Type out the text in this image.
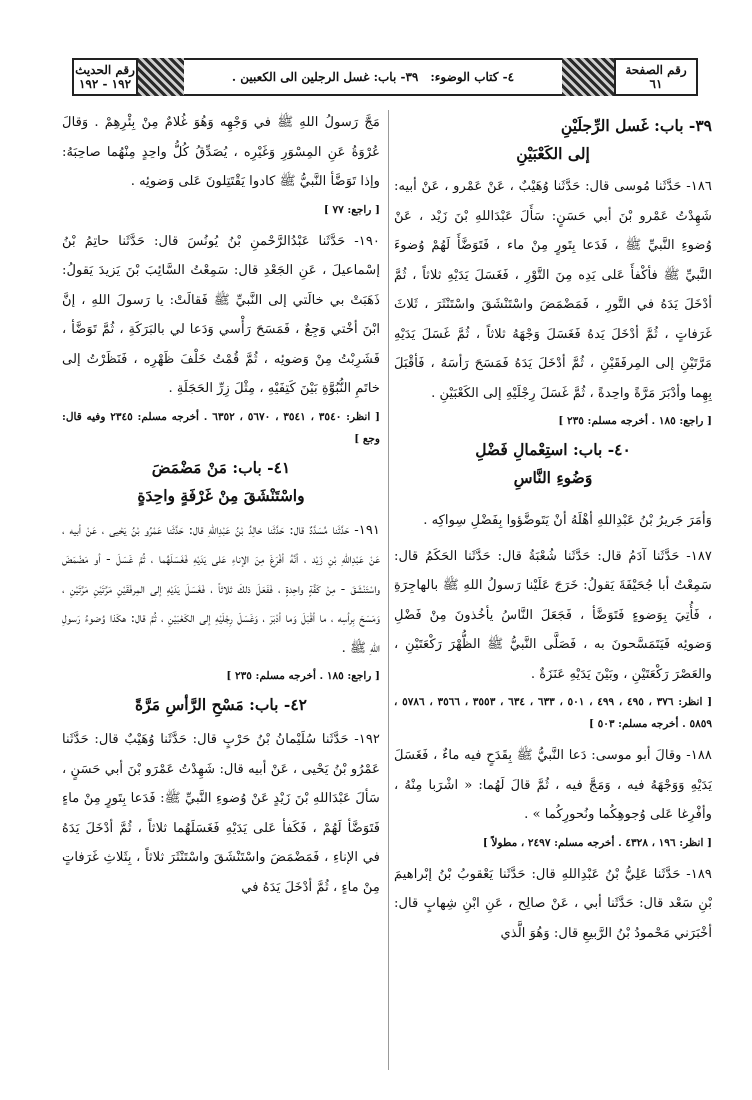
رقم الحديث
١٩٢ - ١٩٢	٤- كتاب الوضوء:
٣٩- باب: غسل الرجلين الى الكعبين .	رقم الصفحة
٦١
٣٩- باب: غَسل الرِّجلَيْنِ
إلى الكَعْبَيْنِ

١٨٦- حَدَّثَنا مُوسى قال: حَدَّثَنا وُهَيْبٌ ، عَنْ عَمْرو ، عَنْ أبيه: شَهِدْتُ عَمْرو بْنَ أبي حَسَنٍ: سَأَلَ عَبْدَاللهِ بْنَ زَيْد ، عَنْ وُضوءِ النَّبيِّ ﷺ ، فَدَعا بِتَورٍ مِنْ ماء ، فَتَوَضَّأَ لَهُمْ وُضوءَ النَّبيِّ ﷺ فأكْفأَ عَلى يَدِه مِنَ التَّوْرِ ، فَغَسَلَ يَدَيْهِ ثلاثاً ، ثُمَّ أدْخَلَ يَدَهُ في التَّورِ ، فَمَضْمَضَ واسْتَنْشَقَ واسْتَنْثَرَ ، ثَلاثَ غَرَفاتٍ ، ثُمَّ أدْخَلَ يَدهُ فَغَسَلَ وَجْهَهُ ثلاثاً ، ثُمَّ غَسَلَ يَدَيْهِ مَرَّتَيْنِ إلى المِرفَقَيْنِ ، ثُمَّ أدْخَلَ يَدَهُ فَمَسَحَ رَأسَهُ ، فَأقْبَلَ بِهِما وأدْبَرَ مَرَّةً واحِدةً ، ثُمَّ غَسَلَ رِجْلَيْهِ إلى الكَعْبَيْنِ .

[ راجع: ١٨٥ . أخرجه مسلم: ٢٣٥ ]

٤٠- باب: استِعْمالِ فَضْلِ
وَضُوءِ النَّاسِ

وَأمَرَ جَريرُ بْنُ عَبْدِاللهِ أهْلَهُ أنْ يَتَوضَّؤوا بِفَضْلِ سِواكِه .

١٨٧- حَدَّثَنا آدَمُ قال: حَدَّثَنا شُعْبَةُ قال: حَدَّثَنا الحَكَمُ قال: سَمِعْتُ أبا جُحَيْفَةَ يَقولُ: خَرَجَ عَلَيْنا رَسولُ اللهِ ﷺ بالهاجِرَةِ ، فَأُتِيَ بِوَضوءٍ فَتَوَضَّأ ، فَجَعَلَ النَّاسُ يأخُذونَ مِنْ فَضْلِ وَضوئِه فَيَتَمَسَّحونَ به ، فَصَلَّى النَّبيُّ ﷺ الظُّهْرَ رَكْعَتَيْنِ ، والعَصْرَ رَكْعَتَيْنِ ، وبَيْنَ يَدَيْهِ عَنَزَةٌ .

[ انظر: ٣٧٦ ، ٤٩٥ ، ٤٩٩ ، ٥٠١ ، ٦٣٣ ، ٦٣٤ ، ٣٥٥٣ ، ٣٥٦٦ ، ٥٧٨٦ ، ٥٨٥٩ . أخرجه مسلم: ٥٠٣ ]

١٨٨- وقالَ أبو موسى: دَعا النَّبيُّ ﷺ بِقَدَحٍ فيه ماءٌ ، فَغَسَلَ يَدَيْهِ وَوَجْهَهُ فيه ، وَمَجَّ فيه ، ثُمَّ قالَ لَهُما: « اشْرَبا مِنْهُ ، وأفْرِغا عَلى وُجوهِكُما ونُحورِكُما » .

[ انظر: ١٩٦ ، ٤٣٢٨ . أخرجه مسلم: ٢٤٩٧ ، مطولاً ]

١٨٩- حَدَّثَنا عَلِيُّ بْنُ عَبْدِاللهِ قال: حَدَّثَنا يَعْقوبُ بْنُ إبْراهيمَ بْنِ سَعْد قال: حَدَّثَنا أبي ، عَنْ صالِح ، عَنِ ابْنِ شِهابٍ قال: أخْبَرَني مَحْمودُ بْنُ الرَّبيعِ قال: وَهُوَ الَّذي

مَجَّ رَسولُ اللهِ ﷺ في وَجْهِه وَهُوَ غُلامٌ مِنْ بِئْرِهِمْ . وَقالَ عُرْوَةُ عَنِ المِسْوَرِ وَغَيْرِه ، يُصَدِّقُ كُلُّ واحِدٍ مِنْهُما صاحِبَهُ: وإذا تَوَضَّأ النَّبيُّ ﷺ كادوا يَقْتَتِلونَ عَلى وَضوئِه .

[ راجع: ٧٧ ]

١٩٠- حَدَّثَنا عَبْدُالرَّحْمنِ بْنُ يُونُسَ قال: حَدَّثَنا حاتِمُ بْنُ إسْماعيلَ ، عَنِ الجَعْدِ قال: سَمِعْتُ السَّائِبَ بْنَ يَزيدَ يَقولُ: ذَهَبَتْ بي خالَتي إلى النَّبيِّ ﷺ فَقالَتْ: يا رَسولَ اللهِ ، إنَّ ابْنَ أخْتي وَجِعٌ ، فَمَسَحَ رَأْسي وَدَعا لي بالبَرَكَةِ ، ثُمَّ تَوَضَّأ ، فَشَرِبْتُ مِنْ وَضوئِه ، ثُمَّ قُمْتُ خَلْفَ ظَهْرِه ، فَنَظَرْتُ إلى خاتَمِ النُّبُوَّةِ بَيْنَ كَتِفَيْهِ ، مِثْلَ زِرِّ الحَجَلَةِ .

[ انظر: ٣٥٤٠ ، ٣٥٤١ ، ٥٦٧٠ ، ٦٣٥٢ . أخرجه مسلم: ٢٣٤٥ وفيه قال: وجع ]

٤١- باب: مَنْ مَضْمَضَ
واسْتَنْشَقَ مِنْ غَرْفَةٍ واحِدَةٍ

١٩١- حَدَّثَنا مُسَدَّدٌ قال: حَدَّثَنا خالِدُ بْنُ عَبْدِاللهِ قال: حَدَّثَنا عَمْرُو بْنُ يَحْيى ، عَنْ أبيه ، عَنْ عَبْدِاللهِ بْنِ زَيْد ، أنَّهُ أفْرَغَ مِنَ الإناءِ عَلى يَدَيْهِ فَغَسَلَهُما ، ثُمَّ غَسَلَ - أو مَضْمَضَ واسْتَنْشَقَ - مِنْ كَفَّةٍ واحِدةٍ ، فَفَعَلَ ذلكَ ثلاثاً ، فَغَسَلَ يَدَيْهِ إلى المِرفَقَيْنِ مَرَّتَيْنِ مَرَّتَيْنِ ، وَمَسَحَ بِرأسِه ، ما أقْبَلَ وَما أدْبَرَ ، وَغَسَلَ رِجْلَيْهِ إلى الكَعْبَيْنِ ، ثُمَّ قال: هكَذا وُضوءُ رَسولِ اللهِ ﷺ .

[ راجع: ١٨٥ . أخرجه مسلم: ٢٣٥ ]

٤٢- باب: مَسْحِ الرَّأسِ مَرَّةً

١٩٢- حَدَّثَنا سُلَيْمانُ بْنُ حَرْبٍ قال: حَدَّثَنا وُهَيْبٌ قال: حَدَّثَنا عَمْرُو بْنُ يَحْيى ، عَنْ أبيه قال: شَهِدْتُ عَمْرَو بْنَ أبي حَسَنٍ ، سَألَ عَبْدَاللهِ بْنَ زَيْدٍ عَنْ وُضوءِ النَّبيِّ ﷺ: فَدَعا بِتَورٍ مِنْ ماءٍ فَتَوَضَّأ لَهُمْ ، فَكَفأ عَلى يَدَيْهِ فَغَسَلَهُما ثلاثاً ، ثُمَّ أدْخَلَ يَدَهُ في الإناءِ ، فَمَضْمَضَ واسْتَنْشَقَ واسْتَنْثَرَ ثلاثاً ، بِثَلاثِ غَرَفاتٍ مِنْ ماءٍ ، ثُمَّ أدْخَلَ يَدَهُ في
